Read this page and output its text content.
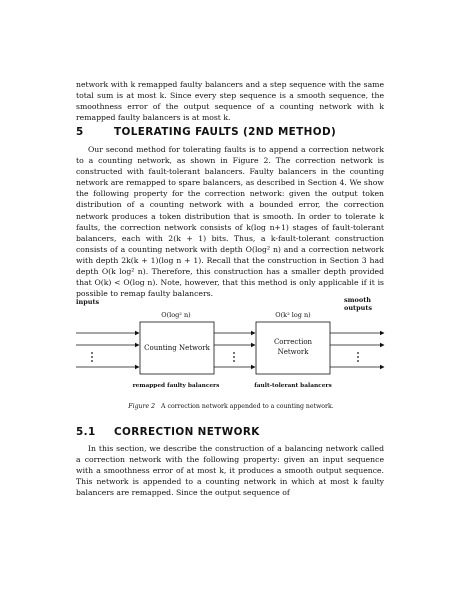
network with k remapped faulty balancers and a step sequence with the same total sum is at most k. Since every step sequence is a smooth sequence, the smoothness error of the output sequence of a counting network with k remapped faulty balancers is at most k.

5	TOLERATING FAULTS (2ND METHOD)

Our second method for tolerating faults is to append a correction network to a counting network, as shown in Figure 2. The correction network is constructed with fault-tolerant balancers. Faulty balancers in the counting network are remapped to spare balancers, as described in Section 4. We show the following property for the correction network: given the output token distribution of a counting network with a bounded error, the correction network produces a token distribution that is smooth. In order to tolerate k faults, the correction network consists of k(log n+1) stages of fault-tolerant balancers, each with 2(k + 1) bits. Thus, a k-fault-tolerant construction consists of a counting network with depth O(log² n) and a correction network with depth 2k(k + 1)(log n + 1). Recall that the construction in Section 3 had depth O(k log² n). Therefore, this construction has a smaller depth provided that O(k) < O(log n). Note, however, that this method is only applicable if it is possible to remap faulty balancers.

inputs	smooth
outputs
O(log² n)	O(k² log n)
Counting Network
Correction
Network
remapped faulty balancers	fault-tolerant balancers

Figure 2 A correction network appended to a counting network.

5.1 CORRECTION NETWORK

In this section, we describe the construction of a balancing network called a correction network with the following property: given an input sequence with a smoothness error of at most k, it produces a smooth output sequence. This network is appended to a counting network in which at most k faulty balancers are remapped. Since the output sequence of
